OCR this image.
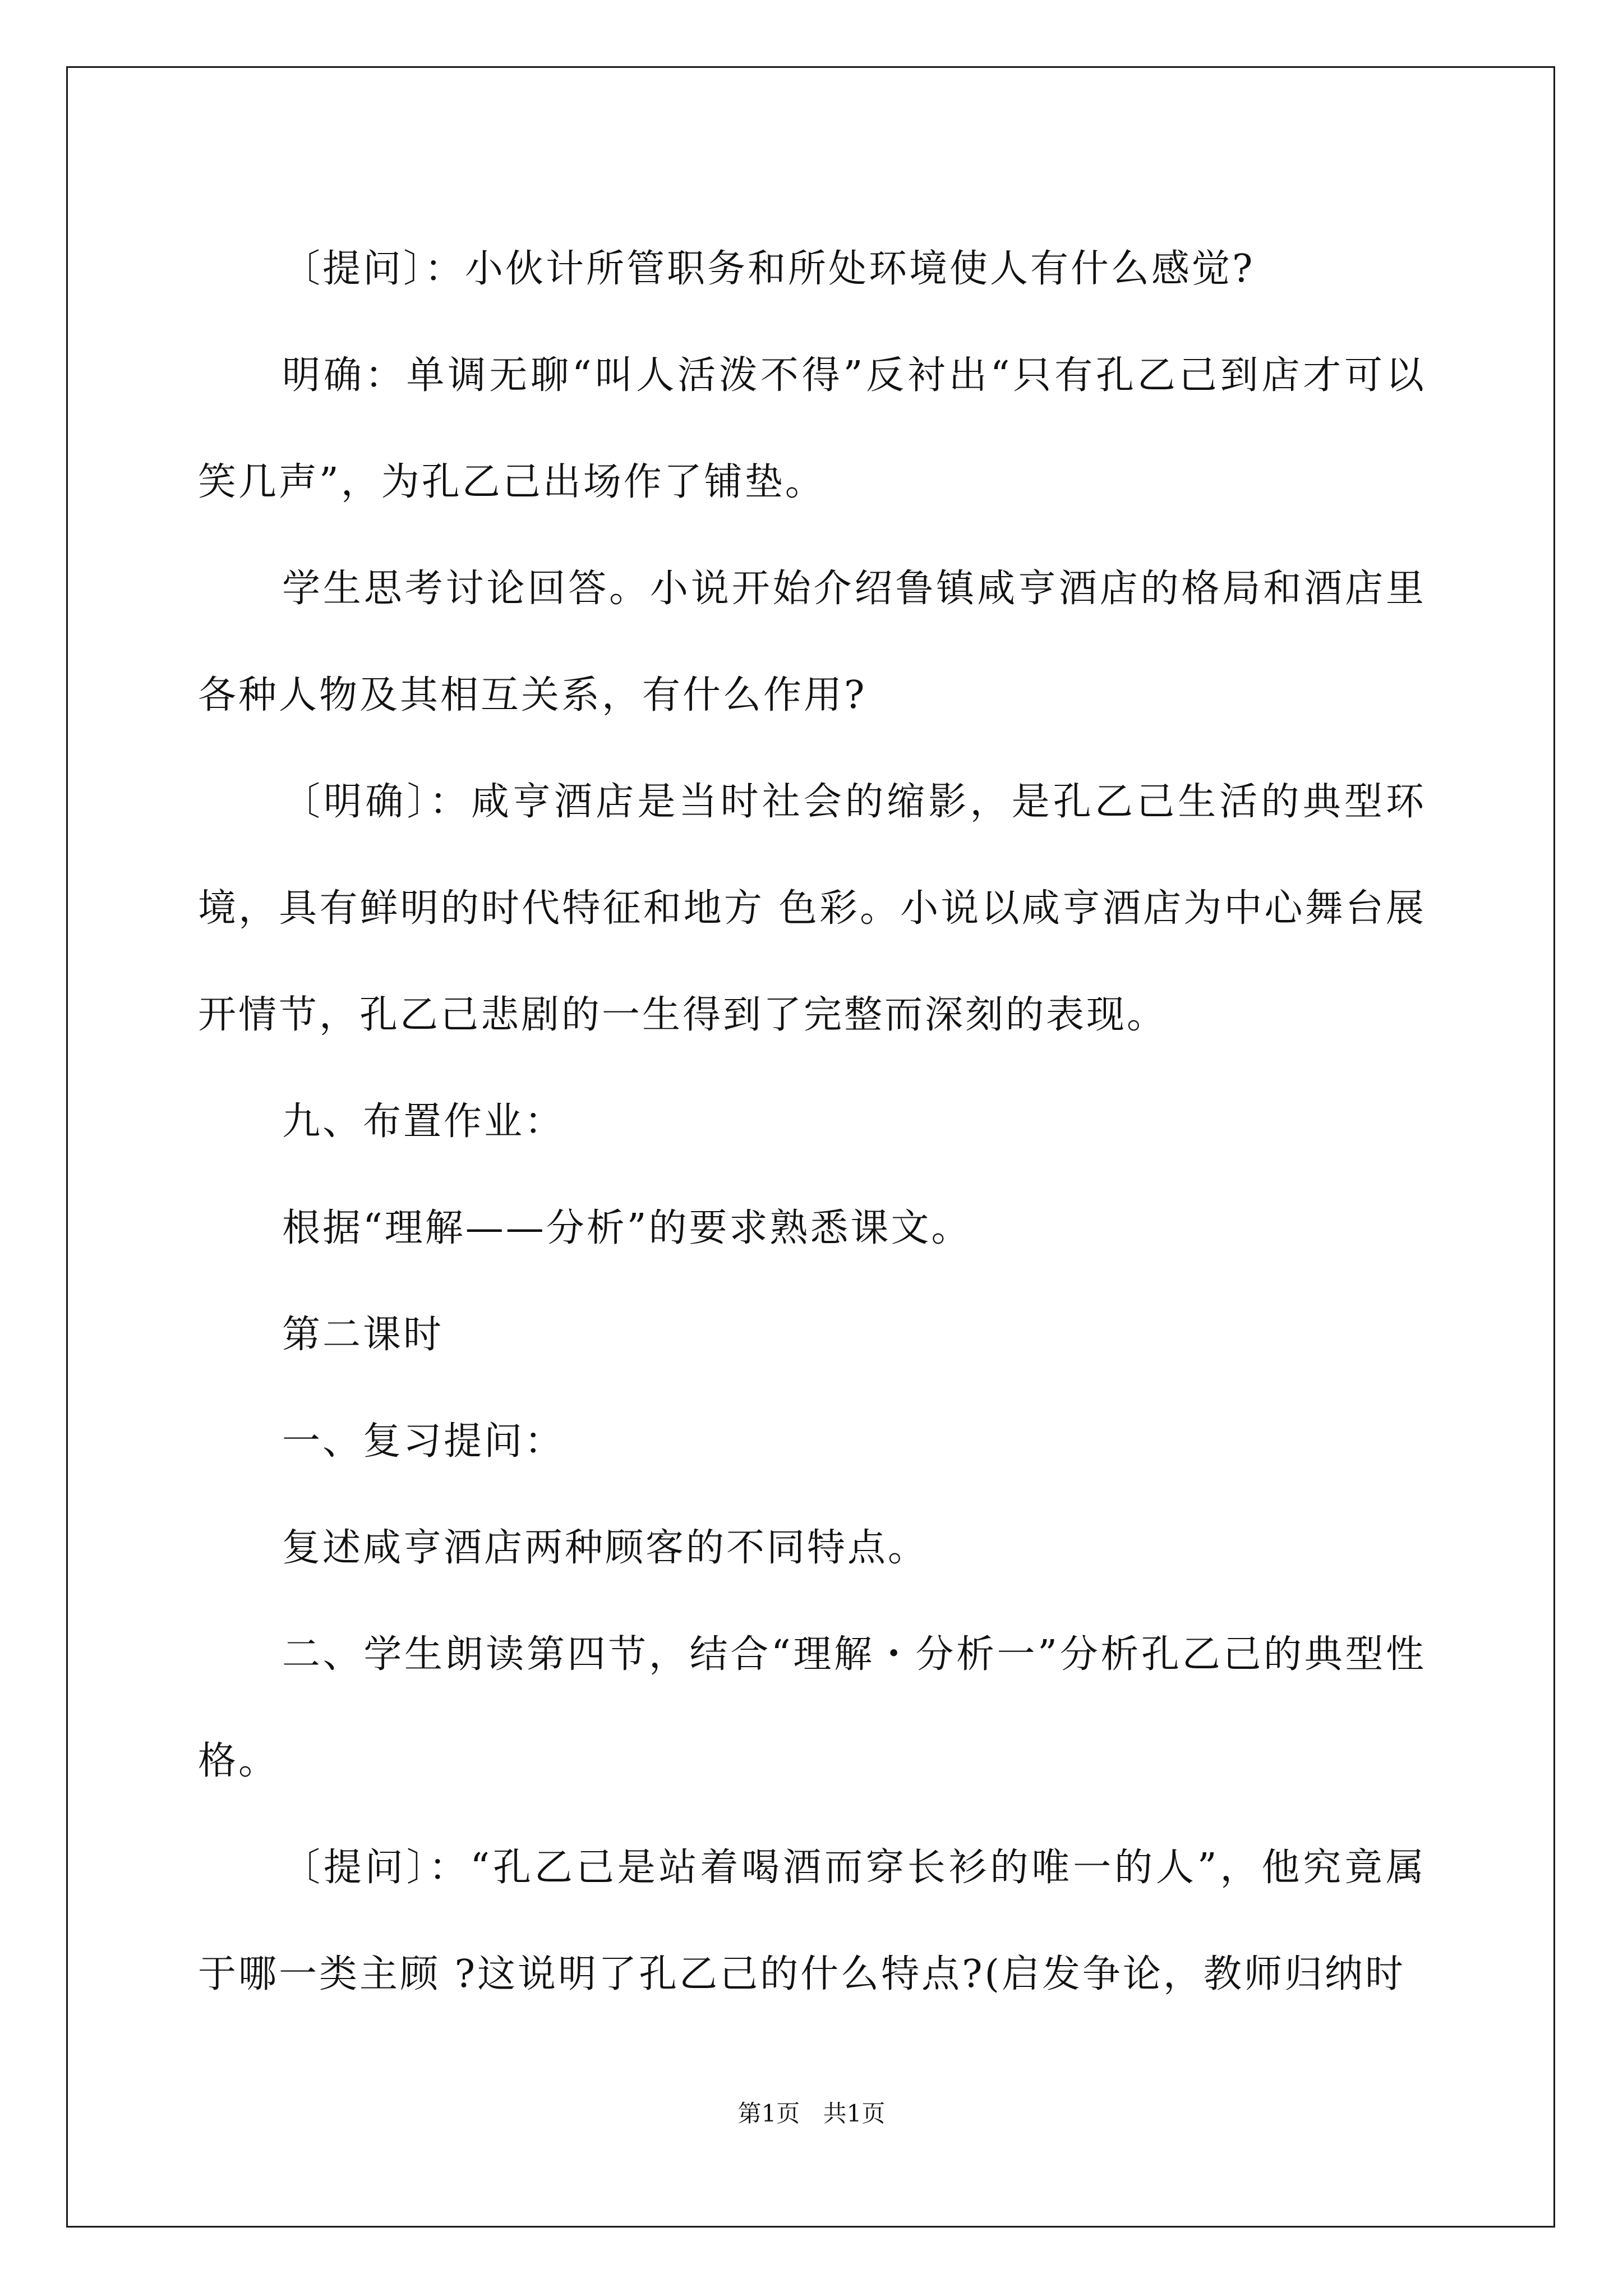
〔提问〕：小伙计所管职务和所处环境使人有什么感觉?

明确：单调无聊“叫人活泼不得”反衬出“只有孔乙己到店才可以笑几声”，为孔乙己出场作了铺垫。

学生思考讨论回答。小说开始介绍鲁镇咸亨酒店的格局和酒店里各种人物及其相互关系，有什么作用?

〔明确〕：咸亨酒店是当时社会的缩影，是孔乙己生活的典型环境，具有鲜明的时代特征和地方 色彩。小说以咸亨酒店为中心舞台展开情节，孔乙己悲剧的一生得到了完整而深刻的表现。

九、布置作业：

根据“理解——分析”的要求熟悉课文。

第二课时

一、复习提问：

复述咸亨酒店两种顾客的不同特点。

二、学生朗读第四节，结合“理解・分析一”分析孔乙己的典型性格。

〔提问〕：“孔乙己是站着喝酒而穿长衫的唯一的人”，他究竟属于哪一类主顾 ?这说明了孔乙己的什么特点?(启发争论，教师归纳时

第1页 共1页
